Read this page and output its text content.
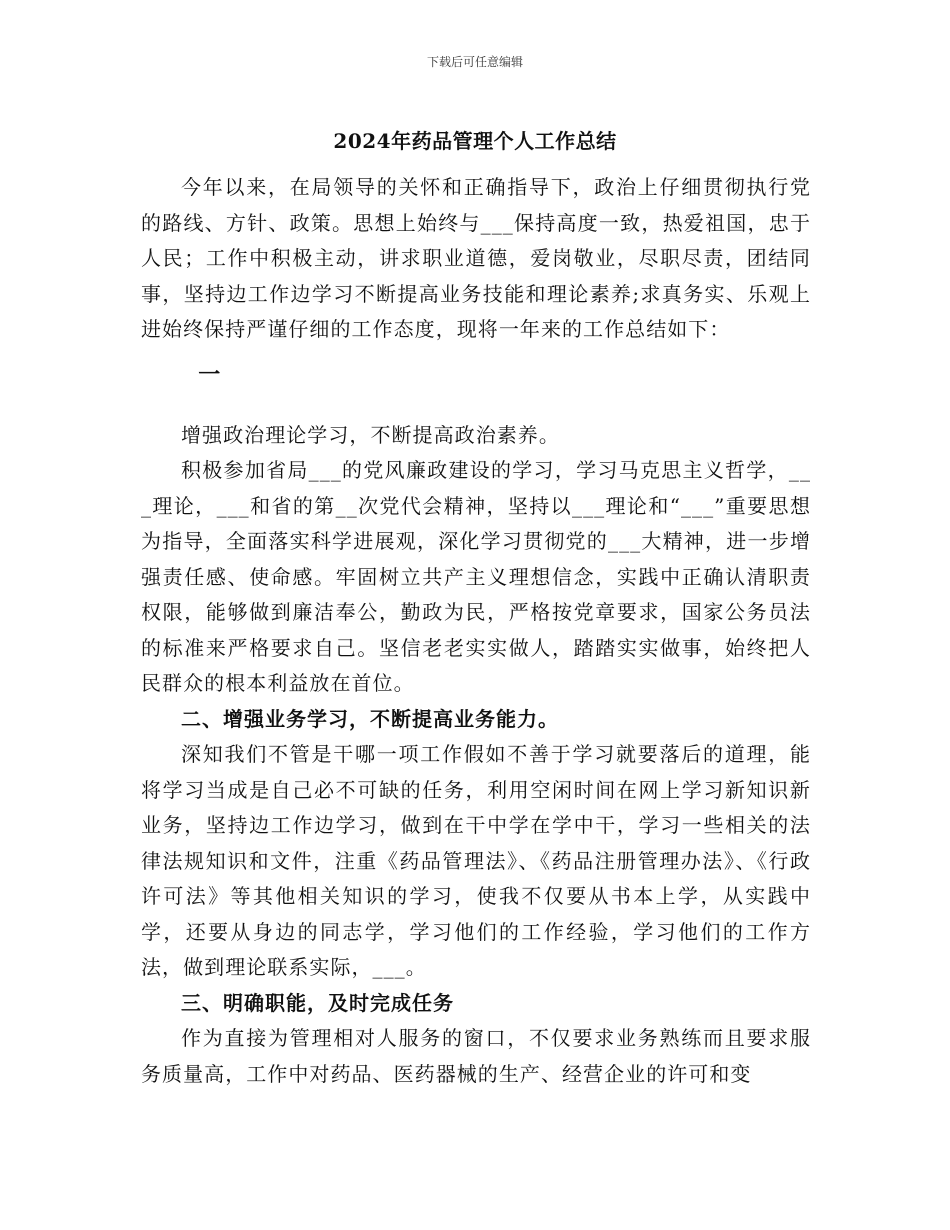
下载后可任意编辑
2024年药品管理个人工作总结

今年以来，在局领导的关怀和正确指导下，政治上仔细贯彻执行党的路线、方针、政策。思想上始终与___保持高度一致，热爱祖国，忠于人民；工作中积极主动，讲求职业道德，爱岗敬业，尽职尽责，团结同事，坚持边工作边学习不断提高业务技能和理论素养;求真务实、乐观上进始终保持严谨仔细的工作态度，现将一年来的工作总结如下：

一

增强政治理论学习，不断提高政治素养。

积极参加省局___的党风廉政建设的学习，学习马克思主义哲学，___理论，___和省的第__次党代会精神，坚持以___理论和“___”重要思想为指导，全面落实科学进展观，深化学习贯彻党的___大精神，进一步增强责任感、使命感。牢固树立共产主义理想信念，实践中正确认清职责权限，能够做到廉洁奉公，勤政为民，严格按党章要求，国家公务员法的标准来严格要求自己。坚信老老实实做人，踏踏实实做事，始终把人民群众的根本利益放在首位。

二、增强业务学习，不断提高业务能力。

深知我们不管是干哪一项工作假如不善于学习就要落后的道理，能将学习当成是自己必不可缺的任务，利用空闲时间在网上学习新知识新业务，坚持边工作边学习，做到在干中学在学中干，学习一些相关的法律法规知识和文件，注重《药品管理法》、《药品注册管理办法》、《行政许可法》等其他相关知识的学习，使我不仅要从书本上学，从实践中学，还要从身边的同志学，学习他们的工作经验，学习他们的工作方法，做到理论联系实际，___。

三、明确职能，及时完成任务

作为直接为管理相对人服务的窗口，不仅要求业务熟练而且要求服务质量高，工作中对药品、医药器械的生产、经营企业的许可和变
